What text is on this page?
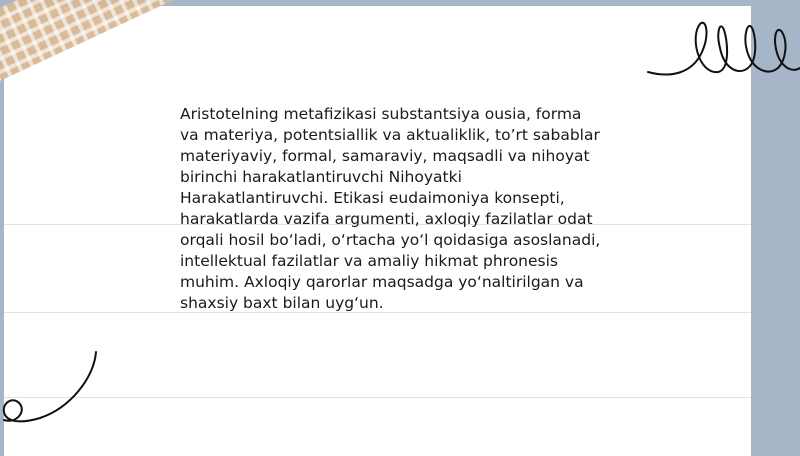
Aristotelning metafizikasi substantsiya ousia, forma
va materiya, potentsiallik va aktualiklik, to’rt sabablar
materiyaviy, formal, samaraviy, maqsadli va nihoyat
birinchi harakatlantiruvchi Nihoyatki
Harakatlantiruvchi. Etikasi eudaimoniya konsepti,
harakatlarda vazifa argumenti, axloqiy fazilatlar odat
orqali hosil bo‘ladi, o‘rtacha yo‘l qoidasiga asoslanadi,
intellektual fazilatlar va amaliy hikmat phronesis
muhim. Axloqiy qarorlar maqsadga yo‘naltirilgan va
shaxsiy baxt bilan uyg‘un.
